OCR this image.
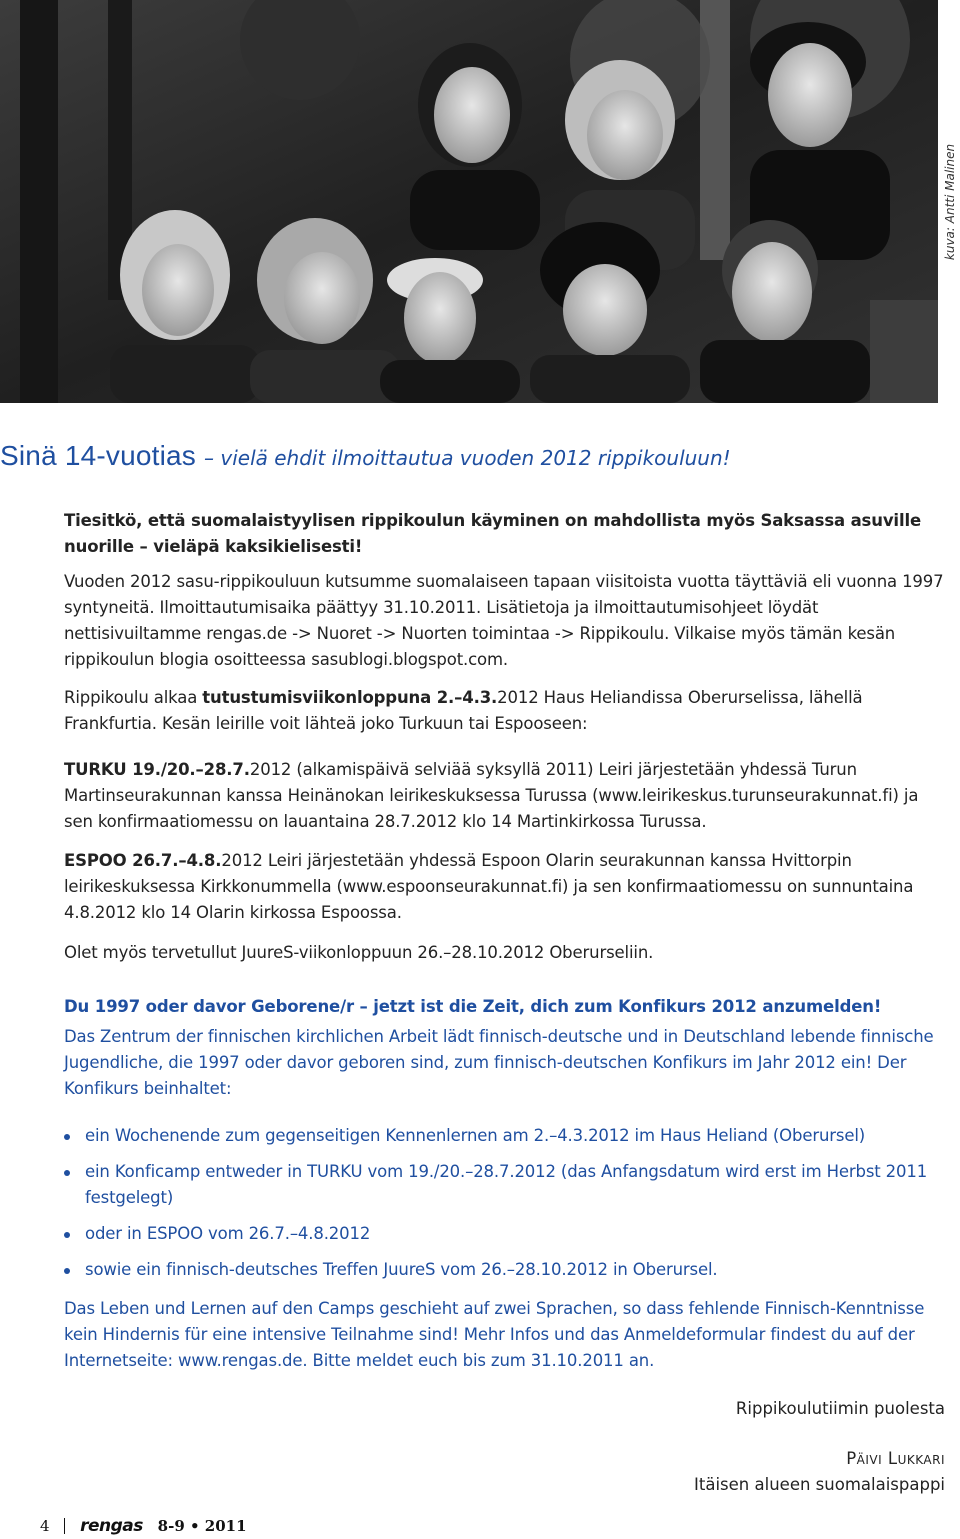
kuva: Antti Malinen
Sinä 14-vuotias – vielä ehdit ilmoittautua vuoden 2012 rippikouluun!

Tiesitkö, että suomalaistyylisen rippikoulun käyminen on mahdollista myös Saksassa asuville nuorille – vieläpä kaksikielisesti!

Vuoden 2012 sasu-rippikouluun kutsumme suomalaiseen tapaan viisitoista vuotta täyttäviä eli vuonna 1997 syntyneitä. Ilmoittautumisaika päättyy 31.10.2011. Lisätietoja ja ilmoittautumisohjeet löydät nettisivuiltamme rengas.de -> Nuoret -> Nuorten toimintaa -> Rippikoulu. Vilkaise myös tämän kesän rippikoulun blogia osoitteessa sasublogi.blogspot.com.

Rippikoulu alkaa tutustumisviikonloppuna 2.–4.3.2012 Haus Heliandissa Oberurselissa, lähellä Frankfurtia. Kesän leirille voit lähteä joko Turkuun tai Espooseen:

TURKU 19./20.–28.7.2012 (alkamispäivä selviää syksyllä 2011) Leiri järjestetään yhdessä Turun Martinseurakunnan kanssa Heinänokan leirikeskuksessa Turussa (www.leirikeskus.turunseurakunnat.fi) ja sen konfirmaatiomessu on lauantaina 28.7.2012 klo 14 Martinkirkossa Turussa.

ESPOO 26.7.–4.8.2012 Leiri järjestetään yhdessä Espoon Olarin seurakunnan kanssa Hvittorpin leirikeskuksessa Kirkkonummella (www.espoonseurakunnat.fi) ja sen konfirmaatiomessu on sunnuntaina 4.8.2012 klo 14 Olarin kirkossa Espoossa.

Olet myös tervetullut JuureS-viikonloppuun 26.–28.10.2012 Oberurseliin.

Du 1997 oder davor Geborene/r – jetzt ist die Zeit, dich zum Konfikurs 2012 anzumelden!

Das Zentrum der finnischen kirchlichen Arbeit lädt finnisch-deutsche und in Deutschland lebende finnische Jugendliche, die 1997 oder davor geboren sind, zum finnisch-deutschen Konfikurs im Jahr 2012 ein! Der Konfikurs beinhaltet:

ein Wochenende zum gegenseitigen Kennenlernen am 2.–4.3.2012 im Haus Heliand (Oberursel)
ein Konficamp entweder in TURKU vom 19./20.–28.7.2012 (das Anfangsdatum wird erst im Herbst 2011 festgelegt)
oder in ESPOO vom 26.7.–4.8.2012
sowie ein finnisch-deutsches Treffen JuureS vom 26.–28.10.2012 in Oberursel.

Das Leben und Lernen auf den Camps geschieht auf zwei Sprachen, so dass fehlende Finnisch-Kenntnisse kein Hindernis für eine intensive Teilnahme sind! Mehr Infos und das Anmeldeformular findest du auf der Internetseite: www.rengas.de. Bitte meldet euch bis zum 31.10.2011 an.

Rippikoulutiimin puolesta
Päivi Lukkari
Itäisen alueen suomalaispappi
4 rengas 8-9 • 2011
